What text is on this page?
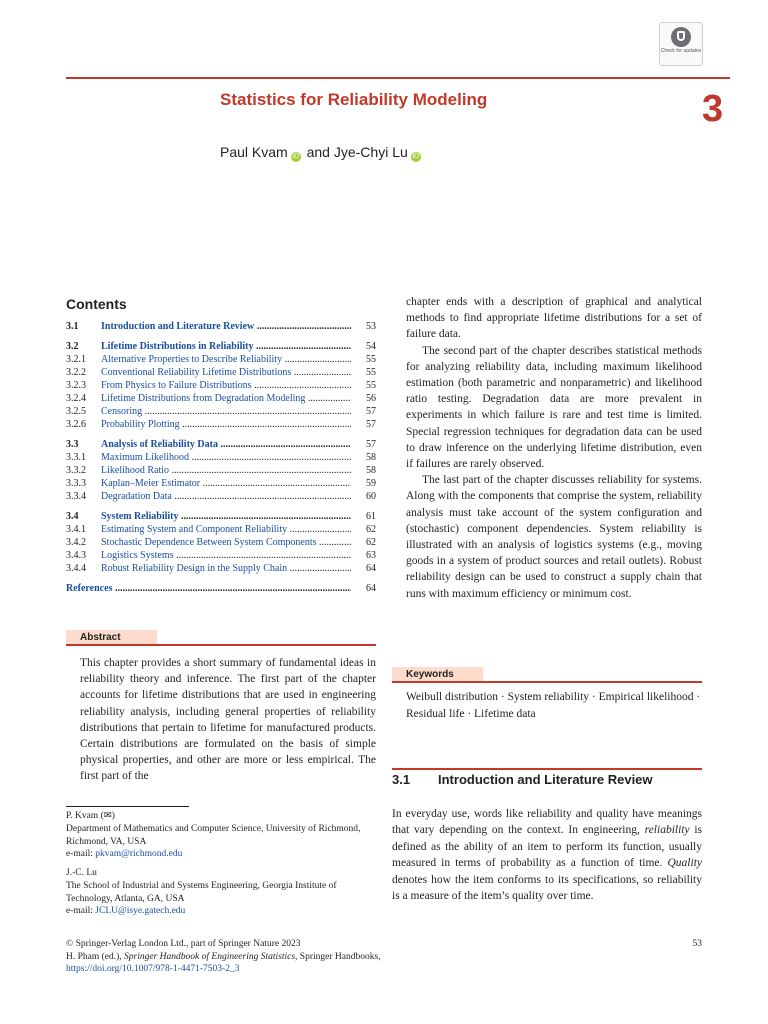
Check for updates
Statistics for Reliability Modeling	3
Paul Kvam iD and Jye-Chyi Lu iD
Contents
3.1 Introduction and Literature Review .....	53
3.2 Lifetime Distributions in Reliability .....	54
3.2.1 Alternative Properties to Describe Reliability .....	55
3.2.2 Conventional Reliability Lifetime Distributions .....	55
3.2.3 From Physics to Failure Distributions .....	55
3.2.4 Lifetime Distributions from Degradation Modeling .....	56
3.2.5 Censoring .....	57
3.2.6 Probability Plotting .....	57
3.3 Analysis of Reliability Data .....	57
3.3.1 Maximum Likelihood .....	58
3.3.2 Likelihood Ratio .....	58
3.3.3 Kaplan–Meier Estimator .....	59
3.3.4 Degradation Data .....	60
3.4 System Reliability .....	61
3.4.1 Estimating System and Component Reliability .....	62
3.4.2 Stochastic Dependence Between System Components .....	62
3.4.3 Logistics Systems .....	63
3.4.4 Robust Reliability Design in the Supply Chain .....	64
References .....	64
Abstract
This chapter provides a short summary of fundamental ideas in reliability theory and inference. The first part of the chapter accounts for lifetime distributions that are used in engineering reliability analysis, including general properties of reliability distributions that pertain to lifetime for manufactured products. Certain distributions are formulated on the basis of simple physical properties, and other are more or less empirical. The first part of the
P. Kvam (✉)
Department of Mathematics and Computer Science, University of Richmond, Richmond, VA, USA
e-mail: pkvam@richmond.edu
J.-C. Lu
The School of Industrial and Systems Engineering, Georgia Institute of Technology, Atlanta, GA, USA
e-mail: JCLU@isye.gatech.edu

chapter ends with a description of graphical and analytical methods to find appropriate lifetime distributions for a set of failure data.

The second part of the chapter describes statistical methods for analyzing reliability data, including maximum likelihood estimation (both parametric and nonparametric) and likelihood ratio testing. Degradation data are more prevalent in experiments in which failure is rare and test time is limited. Special regression techniques for degradation data can be used to draw inference on the underlying lifetime distribution, even if failures are rarely observed.

The last part of the chapter discusses reliability for systems. Along with the components that comprise the system, reliability analysis must take account of the system configuration and (stochastic) component dependencies. System reliability is illustrated with an analysis of logistics systems (e.g., moving goods in a system of product sources and retail outlets). Robust reliability design can be used to construct a supply chain that runs with maximum efficiency or minimum cost.

Keywords
Weibull distribution · System reliability · Empirical likelihood · Residual life · Lifetime data
3.1 Introduction and Literature Review
In everyday use, words like reliability and quality have meanings that vary depending on the context. In engineering, reliability is defined as the ability of an item to perform its function, usually measured in terms of probability as a function of time. Quality denotes how the item conforms to its specifications, so reliability is a measure of the item’s quality over time.
© Springer-Verlag London Ltd., part of Springer Nature 2023
H. Pham (ed.), Springer Handbook of Engineering Statistics, Springer Handbooks,
https://doi.org/10.1007/978-1-4471-7503-2_3
53
